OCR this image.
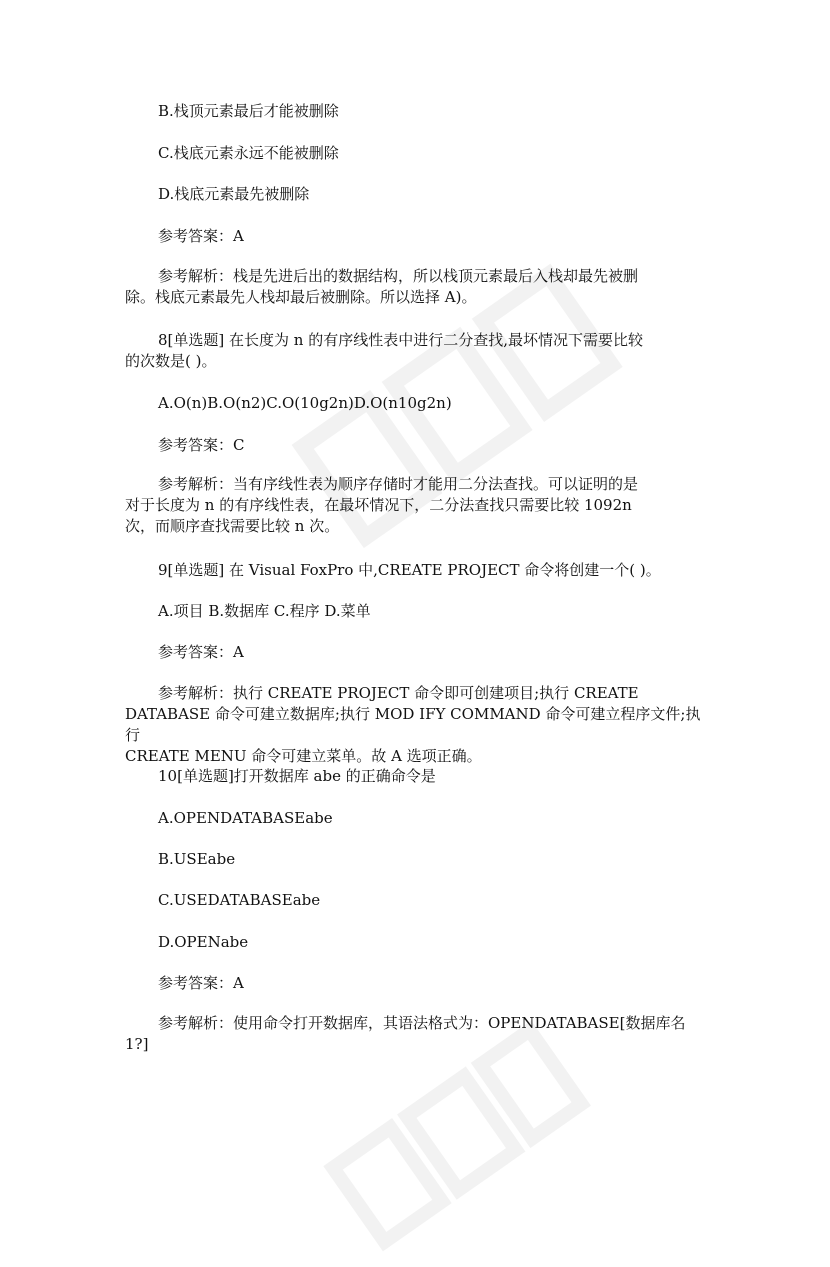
B.栈顶元素最后才能被删除

C.栈底元素永远不能被删除

D.栈底元素最先被删除

参考答案：A

参考解析：栈是先进后出的数据结构，所以栈顶元素最后入栈却最先被删
除。栈底元素最先人栈却最后被删除。所以选择 A)。

8[单选题] 在长度为 n 的有序线性表中进行二分查找,最坏情况下需要比较
的次数是( )。

A.O(n)B.O(n2)C.O(10g2n)D.O(n10g2n)

参考答案：C

参考解析：当有序线性表为顺序存储时才能用二分法查找。可以证明的是
对于长度为 n 的有序线性表，在最坏情况下，二分法查找只需要比较 1092n
次，而顺序查找需要比较 n 次。

9[单选题] 在 Visual FoxPro 中,CREATE PROJECT 命令将创建一个( )。

A.项目 B.数据库 C.程序 D.菜单

参考答案：A

参考解析：执行 CREATE PROJECT 命令即可创建项目;执行 CREATE
DATABASE 命令可建立数据库;执行 MOD IFY COMMAND 命令可建立程序文件;执行
CREATE MENU 命令可建立菜单。故 A 选项正确。

10[单选题]打开数据库 abe 的正确命令是

A.OPENDATABASEabe

B.USEabe

C.USEDATABASEabe

D.OPENabe

参考答案：A

参考解析：使用命令打开数据库，其语法格式为：OPENDATABASE[数据库名
1?]
